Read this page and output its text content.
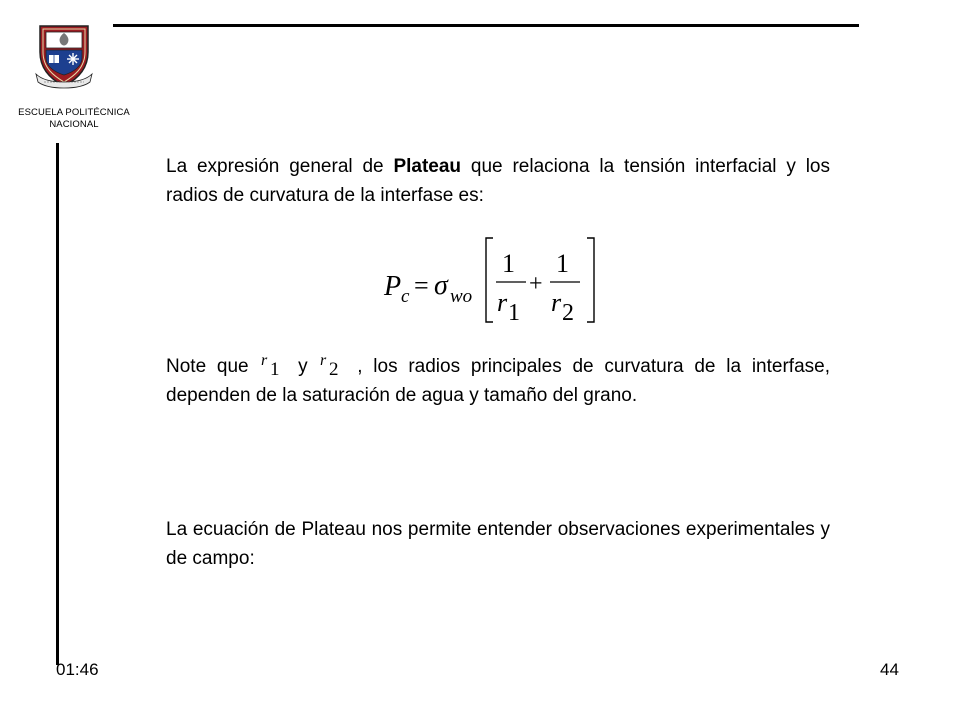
ESCUELA POLITÉCNICA
NACIONAL
La expresión general de Plateau que relaciona la tensión interfacial y los radios de curvatura de la interfase es:
P c = σ wo
1
r 1
+
1
r 2
Note que r 1 y r 2 , los radios principales de curvatura de la interfase, dependen de la saturación de agua y tamaño del grano.
La ecuación de Plateau nos permite entender observaciones experimentales y de campo:
01:46	44
